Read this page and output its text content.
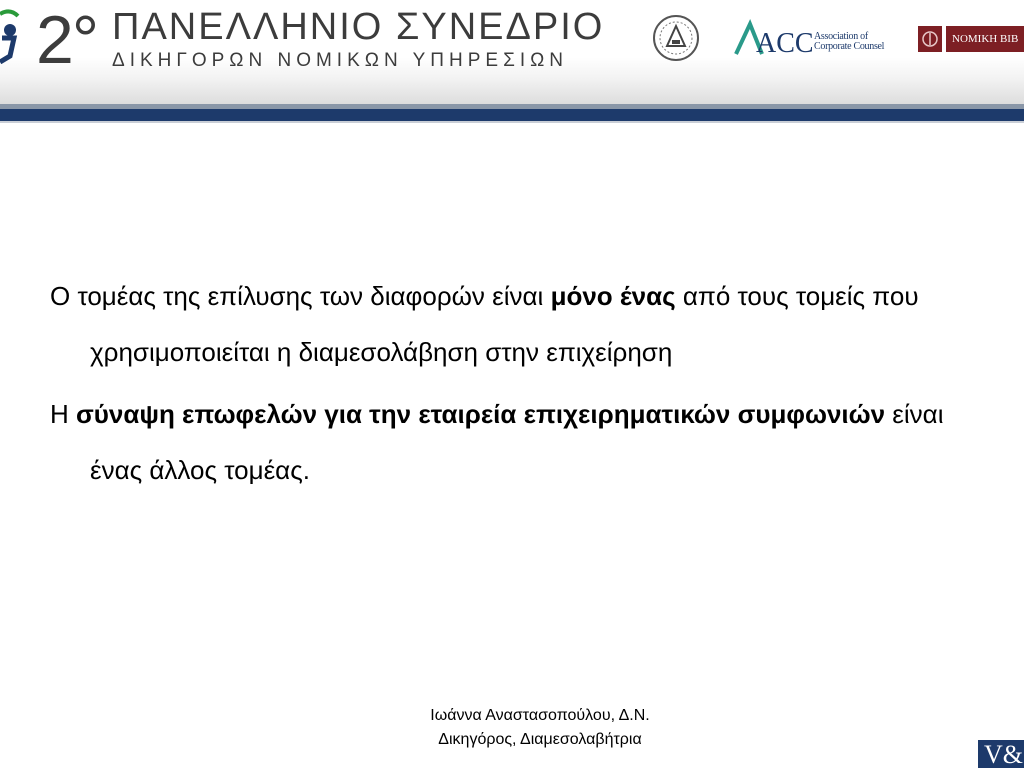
2° ΠΑΝΕΛΛΗΝΙΟ ΣΥΝΕΔΡΙΟ
ΔΙΚΗΓΟΡΩΝ ΝΟΜΙΚΩΝ ΥΠΗΡΕΣΙΩΝ
ACC Association of
Corporate Counsel
ΝΟΜΙΚΗ ΒΙΒ

Ο τομέας της επίλυσης των διαφορών είναι μόνο ένας από τους τομείς που χρησιμοποιείται η διαμεσολάβηση στην επιχείρηση

Η σύναψη επωφελών για την εταιρεία επιχειρηματικών συμφωνιών είναι ένας άλλος τομέας.

Ιωάννα Αναστασοπούλου, Δ.Ν.
Δικηγόρος, Διαμεσολαβήτρια
V&
